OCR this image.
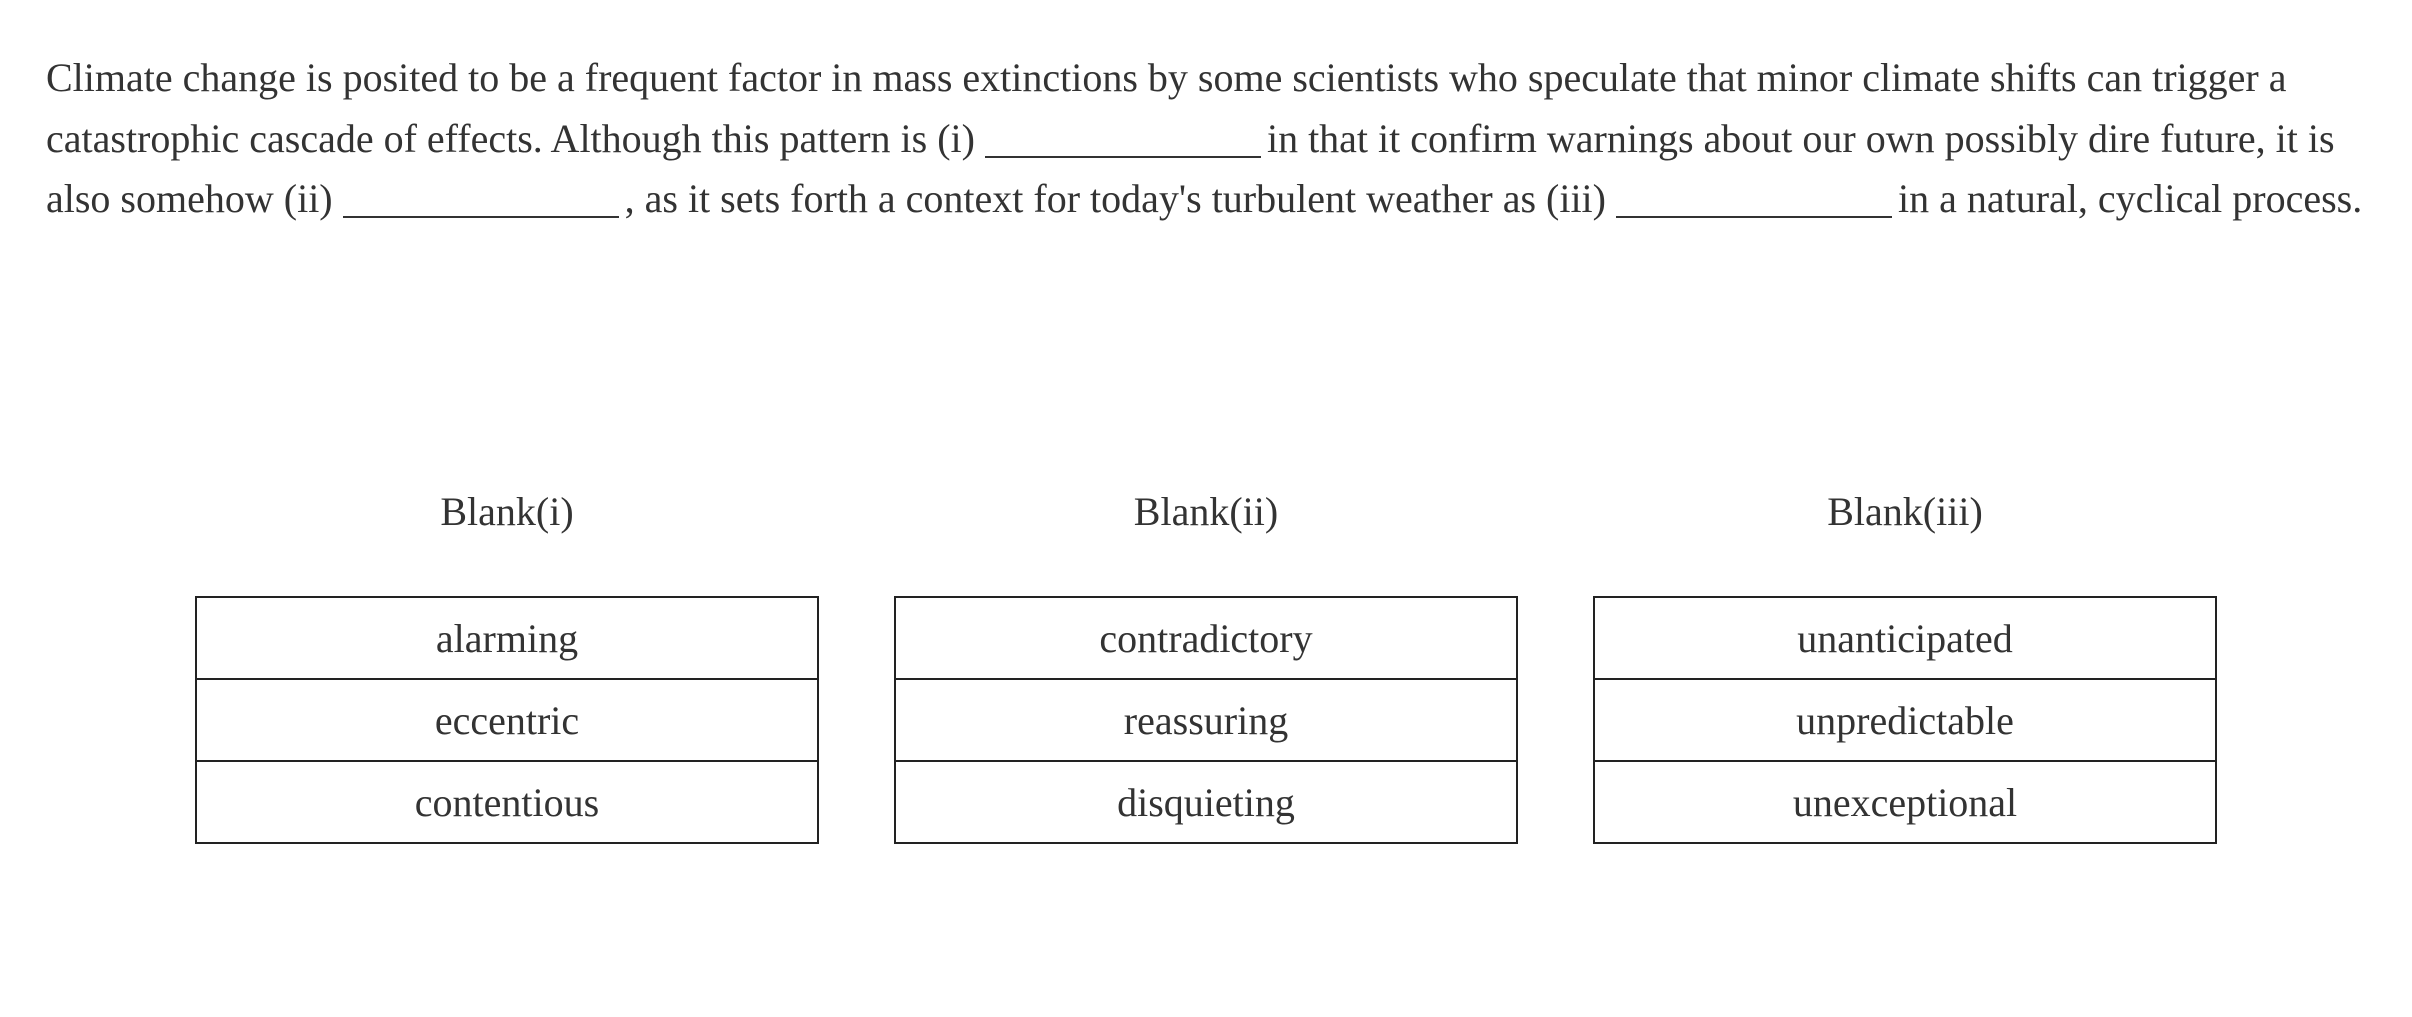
Climate change is posited to be a frequent factor in mass extinctions by some scientists who speculate that minor climate shifts can trigger a catastrophic cascade of effects. Although this pattern is (i)	in that it confirm warnings about our own possibly dire future, it is also somehow (ii)	, as it sets forth a context for today's turbulent weather as (iii)	in a natural, cyclical process.

Blank(i)
alarming
eccentric
contentious
Blank(ii)
contradictory
reassuring
disquieting
Blank(iii)
unanticipated
unpredictable
unexceptional
